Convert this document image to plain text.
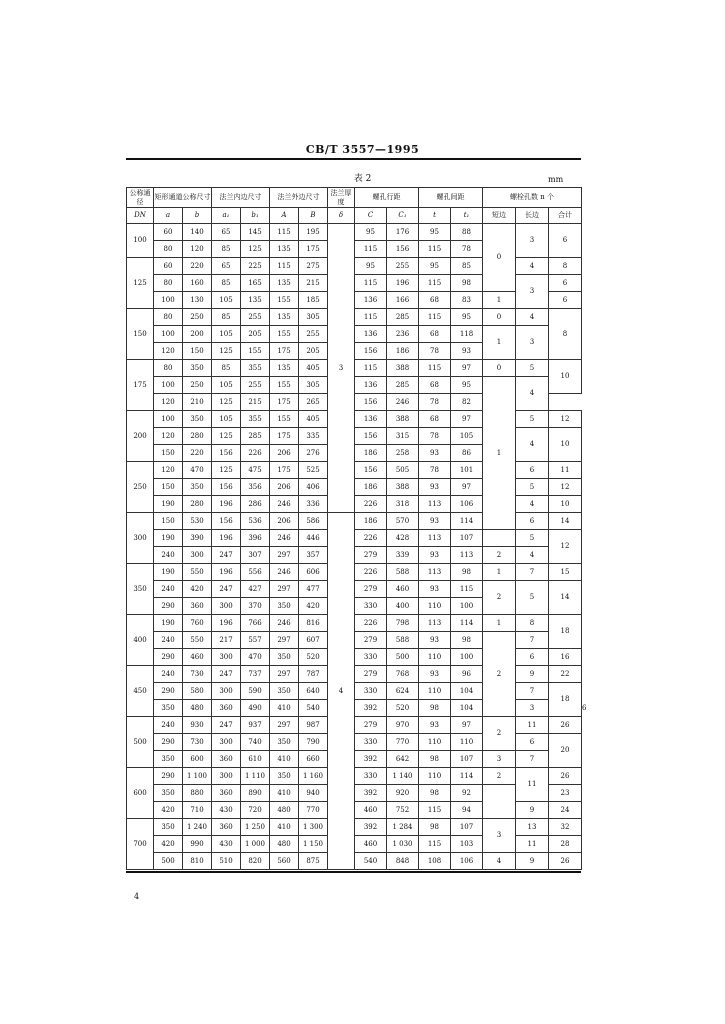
CB/T 3557—1995
表 2	mm
公称通径	矩形通道公称尺寸		法兰内边尺寸		法兰外边尺寸		法兰厚度	螺孔行距		螺孔间距		螺栓孔数 n 个			
DN	a	b	a₁	b₁	A	B	δ	C	C₁	t	t₁	短边	长边	合计	
100	60	140	65	145	115	195	3	95	176	95	88	0	3	6	
	80	120	85	125	135	175		115	156	115	78				
125	60	220	65	225	115	275		95	255	95	85		4	8	
	80	160	85	165	135	215		115	196	115	98		3	6	
	100	130	105	135	155	185		136	166	68	83	1		6	
150	80	250	85	255	135	305		115	285	115	95	0	4	8	
	100	200	105	205	155	255		136	236	68	118	1	3		
	120	150	125	155	175	205		156	186	78	93				
175	80	350	85	355	135	405		115	388	115	97	0	5	10	
	100	250	105	255	155	305		136	285	68	95	1	4		
	120	210	125	215	175	265		156	246	78	82				
200	100	350	105	355	155	405		136	388	68	97		5	12	
	120	280	125	285	175	335		156	315	78	105		4	10	
	150	220	156	226	206	276		186	258	93	86				
250	120	470	125	475	175	525		156	505	78	101		6	11	
	150	350	156	356	206	406		186	388	93	97		5	12	
	190	280	196	286	246	336		226	318	113	106		4	10	
300	150	530	156	536	206	586	4	186	570	93	114		6	14	
	190	390	196	396	246	446		226	428	113	107		5	12	
	240	300	247	307	297	357		279	339	93	113	2	4		
350	190	550	196	556	246	606		226	588	113	98	1	7	15	
	240	420	247	427	297	477		279	460	93	115	2	5	14	
	290	360	300	370	350	420		330	400	110	100				
400	190	760	196	766	246	816		226	798	113	114	1	8	18	
	240	550	217	557	297	607		279	588	93	98	2	7		
	290	460	300	470	350	520		330	500	110	100		6	16	
450	240	730	247	737	297	787		279	768	93	96		9	22	
	290	580	300	590	350	640		330	624	110	104		7	18	
	350	480	360	490	410	540		392	520	98	104		3		6
500	240	930	247	937	297	987		279	970	93	97	2	11	26	
	290	730	300	740	350	790		330	770	110	110		6	20	
	350	600	360	610	410	660		392	642	98	107	3	7		
600	290	1 100	300	1 110	350	1 160		330	1 140	110	114	2	11	26	
	350	880	360	890	410	940		392	920	98	92			23	
	420	710	430	720	480	770		460	752	115	94		9	24	
700	350	1 240	360	1 250	410	1 300		392	1 284	98	107	3	13	32	
	420	990	430	1 000	480	1 150		460	1 030	115	103		11	28	
	500	810	510	820	560	875		540	848	108	106	4	9	26	
4
